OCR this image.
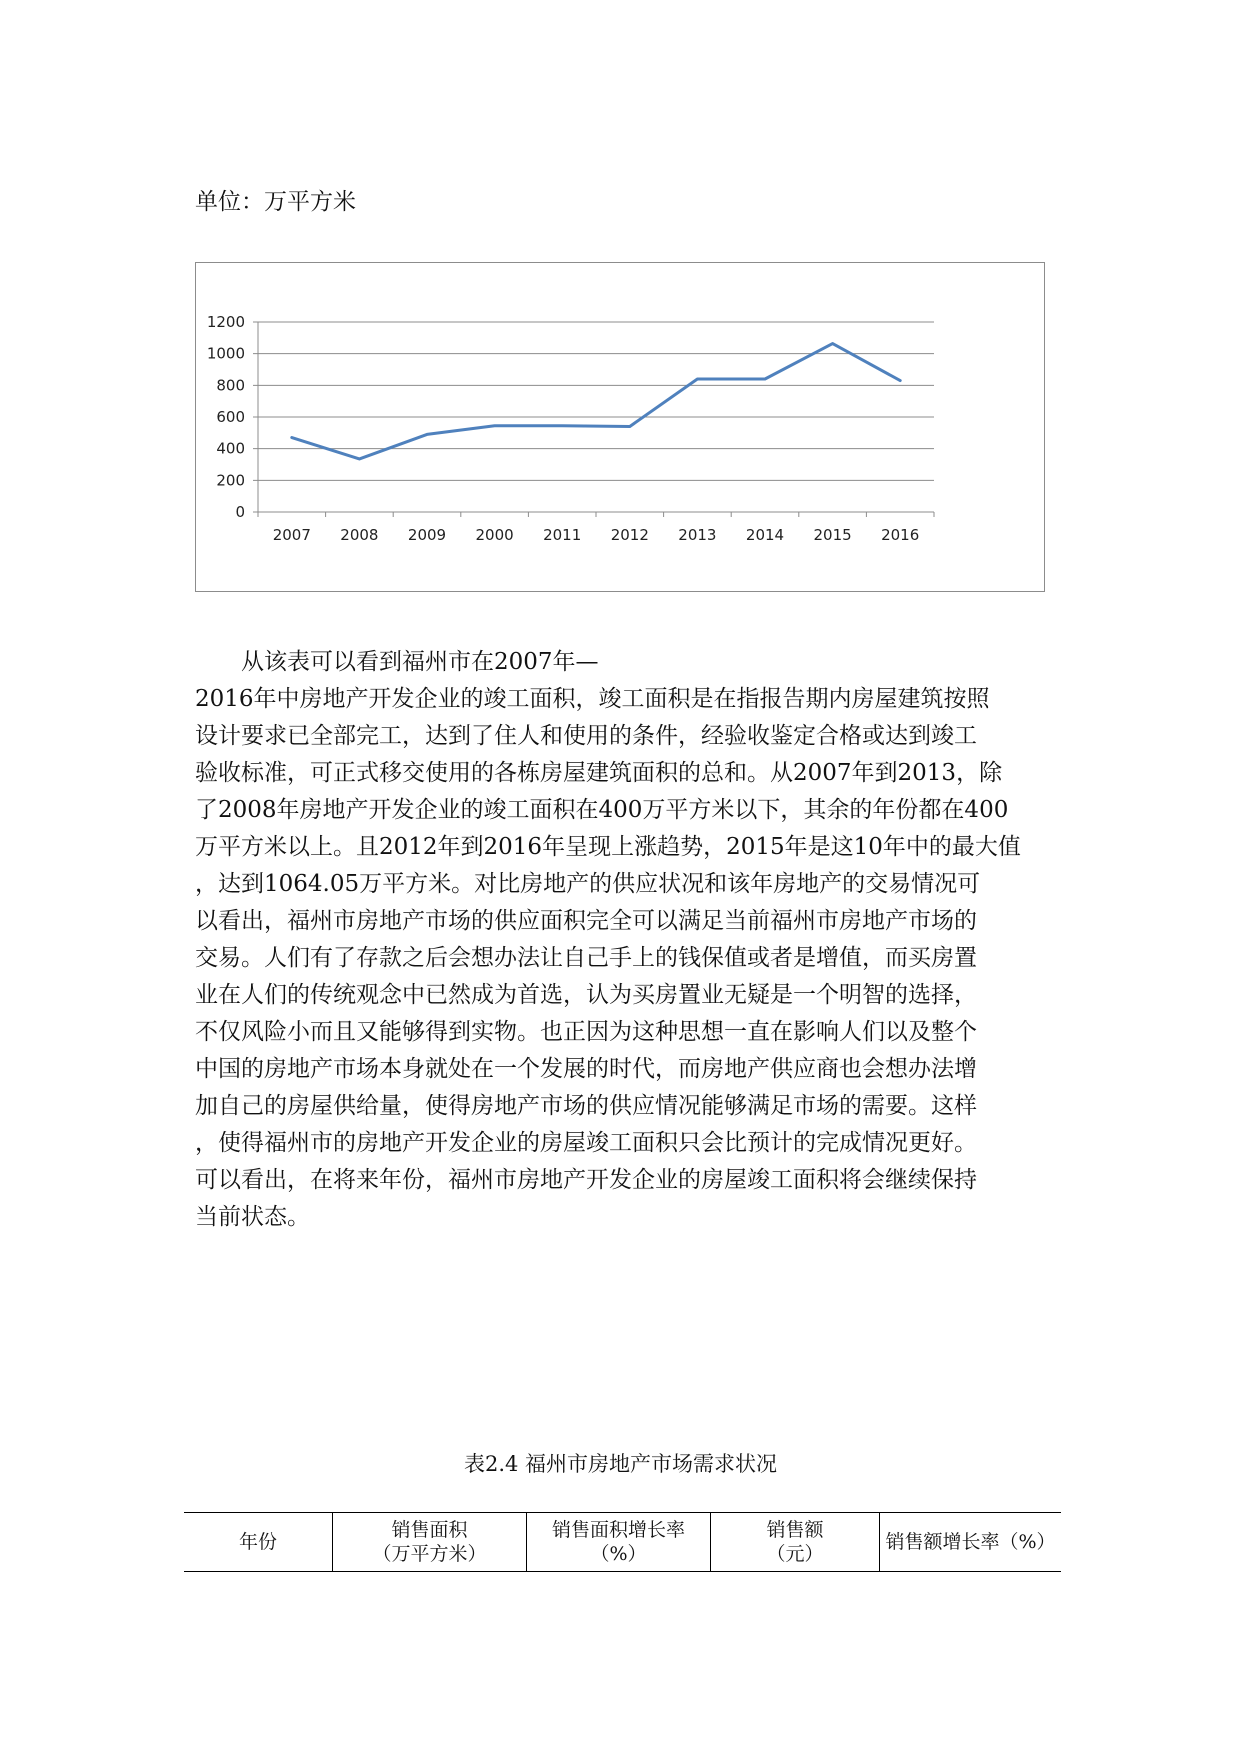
单位：万平方米
0
200
400
600
800
1000
1200
2007 2008 2009 2000 2011 2012 2013 2014 2015 2016
从该表可以看到福州市在2007年—
2016年中房地产开发企业的竣工面积，竣工面积是在指报告期内房屋建筑按照
设计要求已全部完工，达到了住人和使用的条件，经验收鉴定合格或达到竣工
验收标准，可正式移交使用的各栋房屋建筑面积的总和。从2007年到2013，除
了2008年房地产开发企业的竣工面积在400万平方米以下，其余的年份都在400
万平方米以上。且2012年到2016年呈现上涨趋势，2015年是这10年中的最大值
，达到1064.05万平方米。对比房地产的供应状况和该年房地产的交易情况可
以看出，福州市房地产市场的供应面积完全可以满足当前福州市房地产市场的
交易。人们有了存款之后会想办法让自己手上的钱保值或者是增值，而买房置
业在人们的传统观念中已然成为首选，认为买房置业无疑是一个明智的选择，
不仅风险小而且又能够得到实物。也正因为这种思想一直在影响人们以及整个
中国的房地产市场本身就处在一个发展的时代，而房地产供应商也会想办法增
加自己的房屋供给量，使得房地产市场的供应情况能够满足市场的需要。这样
，使得福州市的房地产开发企业的房屋竣工面积只会比预计的完成情况更好。
可以看出，在将来年份，福州市房地产开发企业的房屋竣工面积将会继续保持
当前状态。
表2.4 福州市房地产市场需求状况
年份

销售面积
（万平方米）

销售面积增长率
（%）

销售额
（元）

销售额增长率（%）
